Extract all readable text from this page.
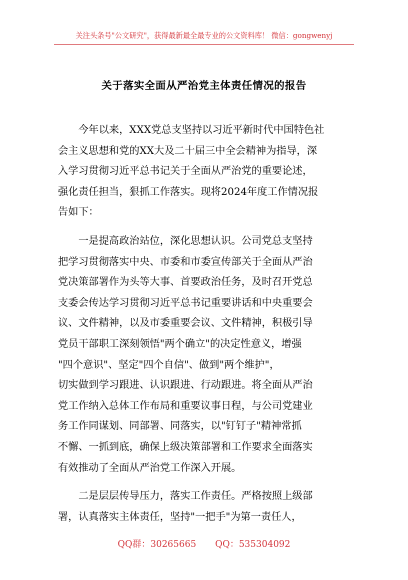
关注头条号"公文研究"，获得最新最全最专业的公文资料库！ 微信：gongwenyj
关于落实全面从严治党主体责任情况的报告
　　今年以来，XXX党总支坚持以习近平新时代中国特色社
会主义思想和党的XX大及二十届三中全会精神为指导，深
入学习贯彻习近平总书记关于全面从严治党的重要论述，
强化责任担当，狠抓工作落实。现将2024年度工作情况报
告如下：
　　一是提高政治站位，深化思想认识。公司党总支坚持
把学习贯彻落实中央、市委和市委宣传部关于全面从严治
党决策部署作为头等大事、首要政治任务，及时召开党总
支委会传达学习贯彻习近平总书记重要讲话和中央重要会
议、文件精神，以及市委重要会议、文件精神，积极引导
党员干部职工深刻领悟"两个确立"的决定性意义，增强
"四个意识"、坚定"四个自信"、做到"两个维护"，
切实做到学习跟进、认识跟进、行动跟进。将全面从严治
党工作纳入总体工作布局和重要议事日程，与公司党建业
务工作同谋划、同部署、同落实，以"钉钉子"精神常抓
不懈、一抓到底，确保上级决策部署和工作要求全面落实
有效推动了全面从严治党工作深入开展。
　　二是层层传导压力，落实工作责任。严格按照上级部
署，认真落实主体责任，坚持"一把手"为第一责任人，
QQ群：30265665 QQ：535304092
